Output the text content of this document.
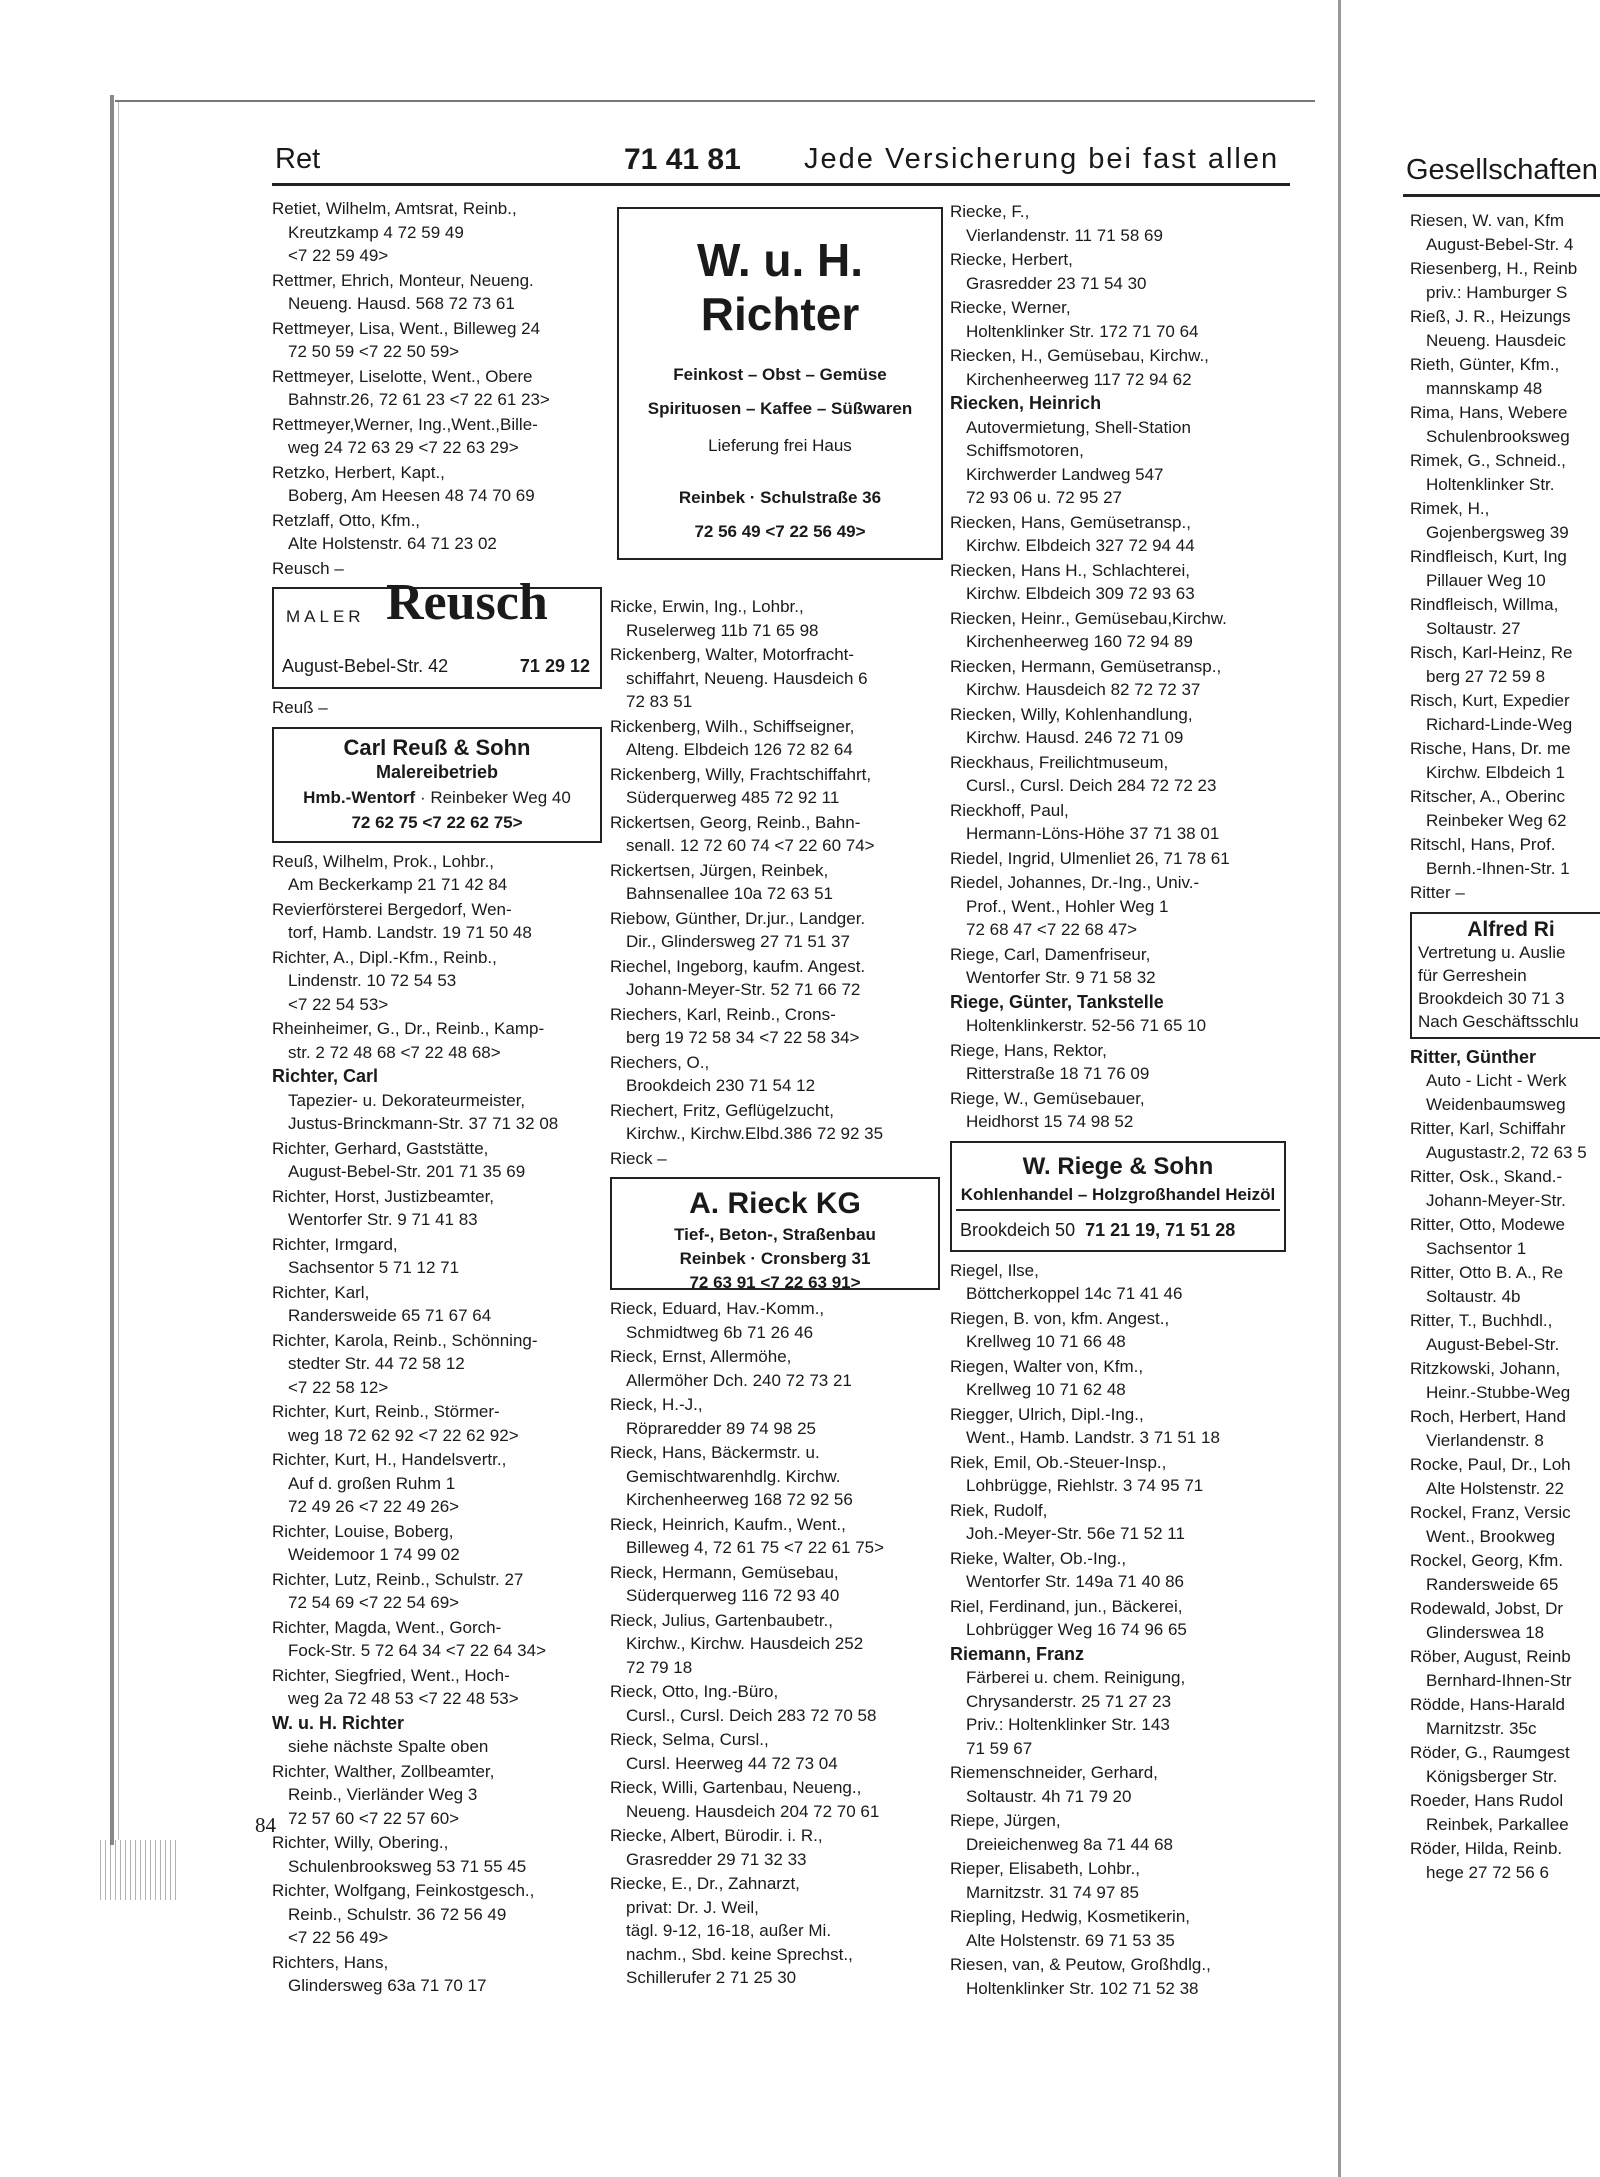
Ret	71 41 81 Jede Versicherung bei fast allen	Gesellschaften
Retiet, Wilhelm, Amtsrat, Reinb.,
Kreutzkamp 4 72 59 49
<7 22 59 49>
Rettmer, Ehrich, Monteur, Neueng.
Neueng. Hausd. 568 72 73 61
Rettmeyer, Lisa, Went., Billeweg 24
72 50 59 <7 22 50 59>
Rettmeyer, Liselotte, Went., Obere
Bahnstr.26, 72 61 23 <7 22 61 23>
Rettmeyer,Werner, Ing.,Went.,Bille-
weg 24 72 63 29 <7 22 63 29>
Retzko, Herbert, Kapt.,
Boberg, Am Heesen 48 74 70 69
Retzlaff, Otto, Kfm.,
Alte Holstenstr. 64 71 23 02
Reusch –
MALER Reusch
August-Bebel-Str. 42	71 29 12
Reuß –
Carl Reuß & Sohn
Malereibetrieb
Hmb.-Wentorf · Reinbeker Weg 40
72 62 75 <7 22 62 75>
Reuß, Wilhelm, Prok., Lohbr.,
Am Beckerkamp 21 71 42 84
Revierförsterei Bergedorf, Wen-
torf, Hamb. Landstr. 19 71 50 48
Richter, A., Dipl.-Kfm., Reinb.,
Lindenstr. 10 72 54 53
<7 22 54 53>
Rheinheimer, G., Dr., Reinb., Kamp-
str. 2 72 48 68 <7 22 48 68>
Richter, Carl
Tapezier- u. Dekorateurmeister,
Justus-Brinckmann-Str. 37 71 32 08
Richter, Gerhard, Gaststätte,
August-Bebel-Str. 201 71 35 69
Richter, Horst, Justizbeamter,
Wentorfer Str. 9 71 41 83
Richter, Irmgard,
Sachsentor 5 71 12 71
Richter, Karl,
Randersweide 65 71 67 64
Richter, Karola, Reinb., Schönning-
stedter Str. 44 72 58 12
<7 22 58 12>
Richter, Kurt, Reinb., Störmer-
weg 18 72 62 92 <7 22 62 92>
Richter, Kurt, H., Handelsvertr.,
Auf d. großen Ruhm 1
72 49 26 <7 22 49 26>
Richter, Louise, Boberg,
Weidemoor 1 74 99 02
Richter, Lutz, Reinb., Schulstr. 27
72 54 69 <7 22 54 69>
Richter, Magda, Went., Gorch-
Fock-Str. 5 72 64 34 <7 22 64 34>
Richter, Siegfried, Went., Hoch-
weg 2a 72 48 53 <7 22 48 53>
W. u. H. Richter
siehe nächste Spalte oben
Richter, Walther, Zollbeamter,
Reinb., Vierländer Weg 3
72 57 60 <7 22 57 60>
Richter, Willy, Obering.,
Schulenbrooksweg 53 71 55 45
Richter, Wolfgang, Feinkostgesch.,
Reinb., Schulstr. 36 72 56 49
<7 22 56 49>
Richters, Hans,
Glindersweg 63a 71 70 17
W. u. H. Richter
Feinkost – Obst – Gemüse
Spirituosen – Kaffee – Süßwaren
Lieferung frei Haus
Reinbek · Schulstraße 36
72 56 49 <7 22 56 49>
Ricke, Erwin, Ing., Lohbr.,
Ruselerweg 11b 71 65 98
Rickenberg, Walter, Motorfracht-
schiffahrt, Neueng. Hausdeich 6
72 83 51
Rickenberg, Wilh., Schiffseigner,
Alteng. Elbdeich 126 72 82 64
Rickenberg, Willy, Frachtschiffahrt,
Süderquerweg 485 72 92 11
Rickertsen, Georg, Reinb., Bahn-
senall. 12 72 60 74 <7 22 60 74>
Rickertsen, Jürgen, Reinbek,
Bahnsenallee 10a 72 63 51
Riebow, Günther, Dr.jur., Landger.
Dir., Glindersweg 27 71 51 37
Riechel, Ingeborg, kaufm. Angest.
Johann-Meyer-Str. 52 71 66 72
Riechers, Karl, Reinb., Crons-
berg 19 72 58 34 <7 22 58 34>
Riechers, O.,
Brookdeich 230 71 54 12
Riechert, Fritz, Geflügelzucht,
Kirchw., Kirchw.Elbd.386 72 92 35
Rieck –
A. Rieck KG
Tief-, Beton-, Straßenbau
Reinbek · Cronsberg 31
72 63 91 <7 22 63 91>
Rieck, Eduard, Hav.-Komm.,
Schmidtweg 6b 71 26 46
Rieck, Ernst, Allermöhe,
Allermöher Dch. 240 72 73 21
Rieck, H.-J.,
Röpraredder 89 74 98 25
Rieck, Hans, Bäckermstr. u.
Gemischtwarenhdlg. Kirchw.
Kirchenheerweg 168 72 92 56
Rieck, Heinrich, Kaufm., Went.,
Billeweg 4, 72 61 75 <7 22 61 75>
Rieck, Hermann, Gemüsebau,
Süderquerweg 116 72 93 40
Rieck, Julius, Gartenbaubetr.,
Kirchw., Kirchw. Hausdeich 252
72 79 18
Rieck, Otto, Ing.-Büro,
Cursl., Cursl. Deich 283 72 70 58
Rieck, Selma, Cursl.,
Cursl. Heerweg 44 72 73 04
Rieck, Willi, Gartenbau, Neueng.,
Neueng. Hausdeich 204 72 70 61
Riecke, Albert, Bürodir. i. R.,
Grasredder 29 71 32 33
Riecke, E., Dr., Zahnarzt,
privat: Dr. J. Weil,
tägl. 9-12, 16-18, außer Mi.
nachm., Sbd. keine Sprechst.,
Schillerufer 2 71 25 30
Riecke, F.,
Vierlandenstr. 11 71 58 69
Riecke, Herbert,
Grasredder 23 71 54 30
Riecke, Werner,
Holtenklinker Str. 172 71 70 64
Riecken, H., Gemüsebau, Kirchw.,
Kirchenheerweg 117 72 94 62
Riecken, Heinrich
Autovermietung, Shell-Station
Schiffsmotoren,
Kirchwerder Landweg 547
72 93 06 u. 72 95 27
Riecken, Hans, Gemüsetransp.,
Kirchw. Elbdeich 327 72 94 44
Riecken, Hans H., Schlachterei,
Kirchw. Elbdeich 309 72 93 63
Riecken, Heinr., Gemüsebau,Kirchw.
Kirchenheerweg 160 72 94 89
Riecken, Hermann, Gemüsetransp.,
Kirchw. Hausdeich 82 72 72 37
Riecken, Willy, Kohlenhandlung,
Kirchw. Hausd. 246 72 71 09
Rieckhaus, Freilichtmuseum,
Cursl., Cursl. Deich 284 72 72 23
Rieckhoff, Paul,
Hermann-Löns-Höhe 37 71 38 01
Riedel, Ingrid, Ulmenliet 26, 71 78 61
Riedel, Johannes, Dr.-Ing., Univ.-
Prof., Went., Hohler Weg 1
72 68 47 <7 22 68 47>
Riege, Carl, Damenfriseur,
Wentorfer Str. 9 71 58 32
Riege, Günter, Tankstelle
Holtenklinkerstr. 52-56 71 65 10
Riege, Hans, Rektor,
Ritterstraße 18 71 76 09
Riege, W., Gemüsebauer,
Heidhorst 15 74 98 52
W. Riege & Sohn
Kohlenhandel – Holzgroßhandel Heizöl
Brookdeich 50 71 21 19, 71 51 28
Riegel, Ilse,
Böttcherkoppel 14c 71 41 46
Riegen, B. von, kfm. Angest.,
Krellweg 10 71 66 48
Riegen, Walter von, Kfm.,
Krellweg 10 71 62 48
Riegger, Ulrich, Dipl.-Ing.,
Went., Hamb. Landstr. 3 71 51 18
Riek, Emil, Ob.-Steuer-Insp.,
Lohbrügge, Riehlstr. 3 74 95 71
Riek, Rudolf,
Joh.-Meyer-Str. 56e 71 52 11
Rieke, Walter, Ob.-Ing.,
Wentorfer Str. 149a 71 40 86
Riel, Ferdinand, jun., Bäckerei,
Lohbrügger Weg 16 74 96 65
Riemann, Franz
Färberei u. chem. Reinigung,
Chrysanderstr. 25 71 27 23
Priv.: Holtenklinker Str. 143
71 59 67
Riemenschneider, Gerhard,
Soltaustr. 4h 71 79 20
Riepe, Jürgen,
Dreieichenweg 8a 71 44 68
Rieper, Elisabeth, Lohbr.,
Marnitzstr. 31 74 97 85
Riepling, Hedwig, Kosmetikerin,
Alte Holstenstr. 69 71 53 35
Riesen, van, & Peutow, Großhdlg.,
Holtenklinker Str. 102 71 52 38
Riesen, W. van, Kfm
August-Bebel-Str. 4
Riesenberg, H., Reinb
priv.: Hamburger S
Rieß, J. R., Heizungs
Neueng. Hausdeic
Rieth, Günter, Kfm.,
mannskamp 48
Rima, Hans, Webere
Schulenbrooksweg
Rimek, G., Schneid.,
Holtenklinker Str.
Rimek, H.,
Gojenbergsweg 39
Rindfleisch, Kurt, Ing
Pillauer Weg 10
Rindfleisch, Willma,
Soltaustr. 27
Risch, Karl-Heinz, Re
berg 27 72 59 8
Risch, Kurt, Expedier
Richard-Linde-Weg
Rische, Hans, Dr. me
Kirchw. Elbdeich 1
Ritscher, A., Oberinc
Reinbeker Weg 62
Ritschl, Hans, Prof.
Bernh.-Ihnen-Str. 1
Ritter –
Alfred Ri
Vertretung u. Auslie
für Gerreshein
Brookdeich 30 71 3
Nach Geschäftsschlu
Ritter, Günther
Auto - Licht - Werk
Weidenbaumsweg
Ritter, Karl, Schiffahr
Augustastr.2, 72 63 5
Ritter, Osk., Skand.-
Johann-Meyer-Str.
Ritter, Otto, Modewe
Sachsentor 1
Ritter, Otto B. A., Re
Soltaustr. 4b
Ritter, T., Buchhdl.,
August-Bebel-Str.
Ritzkowski, Johann,
Heinr.-Stubbe-Weg
Roch, Herbert, Hand
Vierlandenstr. 8
Rocke, Paul, Dr., Loh
Alte Holstenstr. 22
Rockel, Franz, Versic
Went., Brookweg
Rockel, Georg, Kfm.
Randersweide 65
Rodewald, Jobst, Dr
Glinderswea 18
Röber, August, Reinb
Bernhard-Ihnen-Str
Rödde, Hans-Harald
Marnitzstr. 35c
Röder, G., Raumgest
Königsberger Str.
Roeder, Hans Rudol
Reinbek, Parkallee
Röder, Hilda, Reinb.
hege 27 72 56 6
84
